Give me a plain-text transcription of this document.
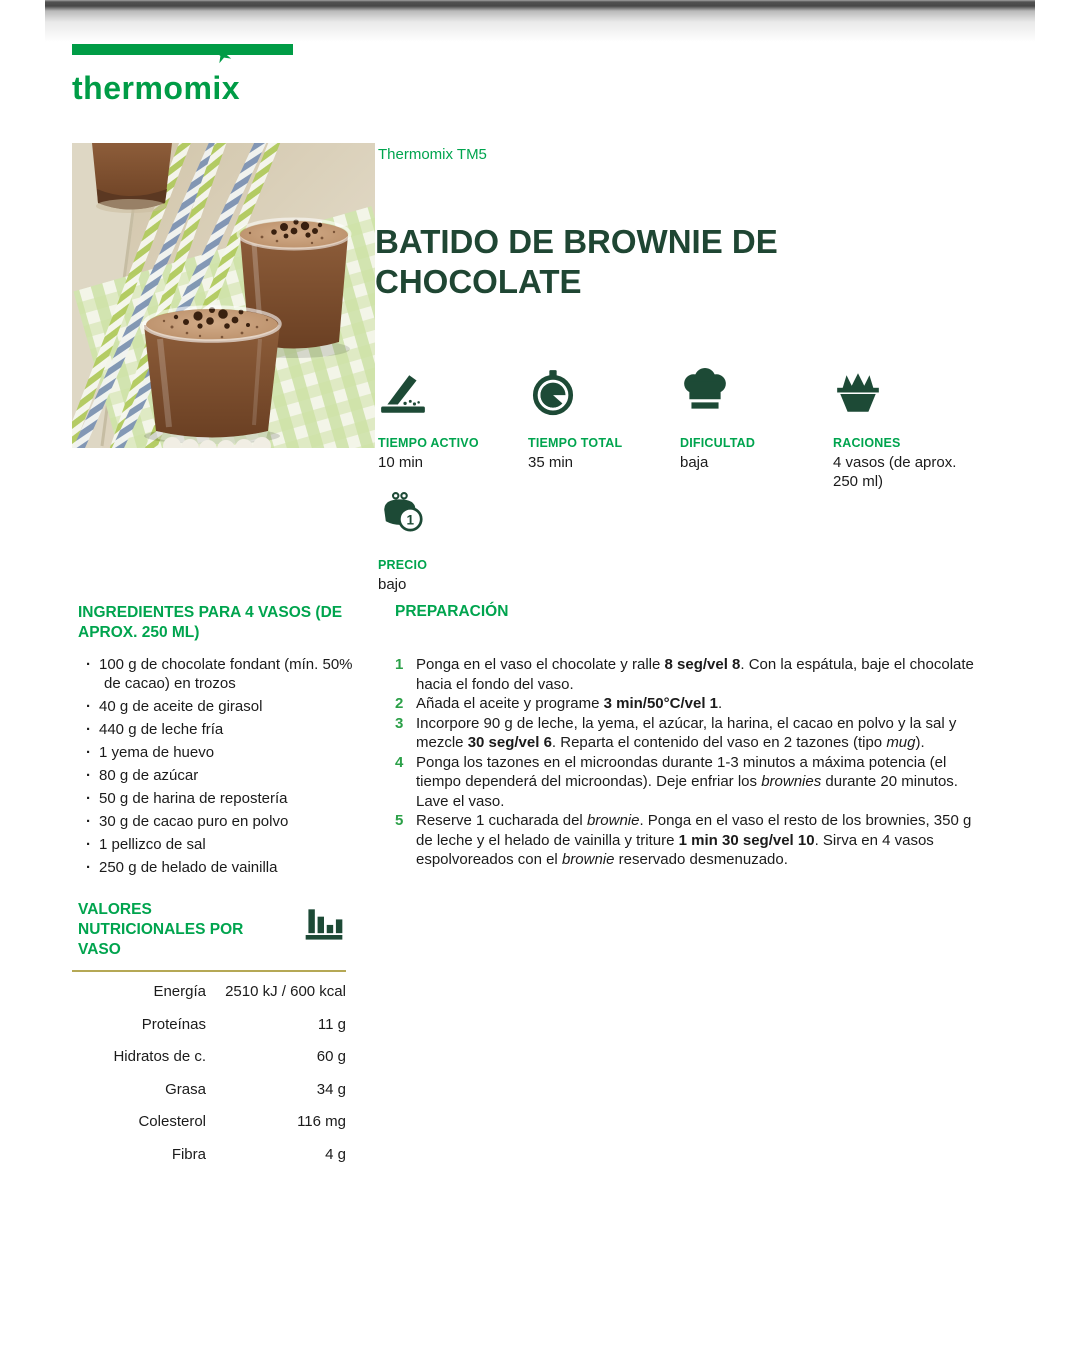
thermomix
Thermomix TM5
BATIDO DE BROWNIE DE CHOCOLATE
TIEMPO ACTIVO
10 min
TIEMPO TOTAL
35 min
DIFICULTAD
baja
RACIONES
4 vasos (de aprox. 250 ml)
1
PRECIO
bajo
INGREDIENTES PARA 4 VASOS (DE APROX. 250 ML)
· 100 g de chocolate fondant (mín. 50% de cacao) en trozos
· 40 g de aceite de girasol
· 440 g de leche fría
· 1 yema de huevo
· 80 g de azúcar
· 50 g de harina de repostería
· 30 g de cacao puro en polvo
· 1 pellizco de sal
· 250 g de helado de vainilla
PREPARACIÓN
1 Ponga en el vaso el chocolate y ralle 8 seg/vel 8. Con la espátula, baje el chocolate hacia el fondo del vaso.
2 Añada el aceite y programe 3 min/50°C/vel 1.
3 Incorpore 90 g de leche, la yema, el azúcar, la harina, el cacao en polvo y la sal y mezcle 30 seg/vel 6. Reparta el contenido del vaso en 2 tazones (tipo mug).
4 Ponga los tazones en el microondas durante 1-3 minutos a máxima potencia (el tiempo dependerá del microondas). Deje enfriar los brownies durante 20 minutos. Lave el vaso.
5 Reserve 1 cucharada del brownie. Ponga en el vaso el resto de los brownies, 350 g de leche y el helado de vainilla y triture 1 min 30 seg/vel 10. Sirva en 4 vasos espolvoreados con el brownie reservado desmenuzado.
VALORES NUTRICIONALES POR VASO
Energía	2510 kJ / 600 kcal
Proteínas	11 g
Hidratos de c.	60 g
Grasa	34 g
Colesterol	116 mg
Fibra	4 g
